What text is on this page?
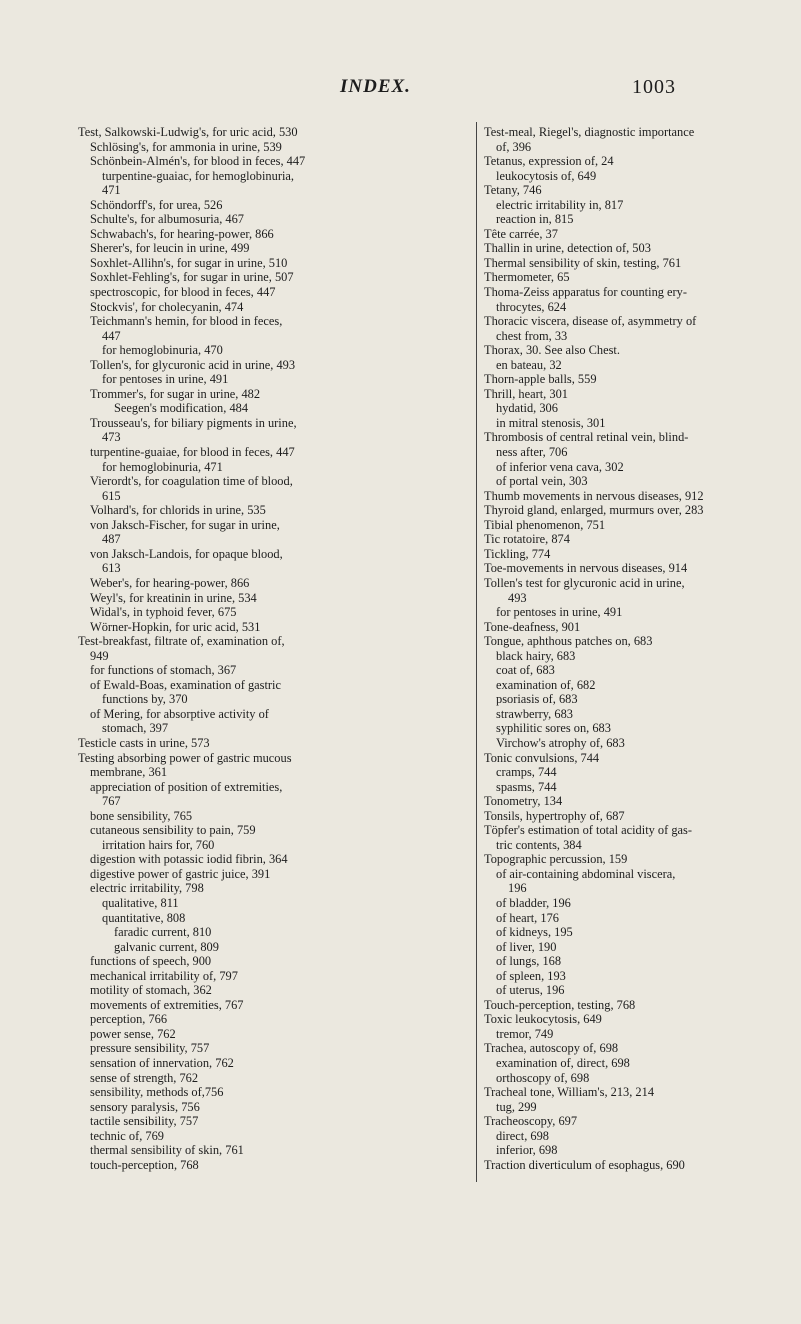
INDEX.	1003
Test, Salkowski-Ludwig's, for uric acid, 530
Schlösing's, for ammonia in urine, 539
Schönbein-Almén's, for blood in feces, 447
turpentine-guaiac, for hemoglobinuria,
471
Schöndorff's, for urea, 526
Schulte's, for albumosuria, 467
Schwabach's, for hearing-power, 866
Sherer's, for leucin in urine, 499
Soxhlet-Allihn's, for sugar in urine, 510
Soxhlet-Fehling's, for sugar in urine, 507
spectroscopic, for blood in feces, 447
Stockvis', for cholecyanin, 474
Teichmann's hemin, for blood in feces,
447
for hemoglobinuria, 470
Tollen's, for glycuronic acid in urine, 493
for pentoses in urine, 491
Trommer's, for sugar in urine, 482
Seegen's modification, 484
Trousseau's, for biliary pigments in urine,
473
turpentine-guaiae, for blood in feces, 447
for hemoglobinuria, 471
Vierordt's, for coagulation time of blood,
615
Volhard's, for chlorids in urine, 535
von Jaksch-Fischer, for sugar in urine,
487
von Jaksch-Landois, for opaque blood,
613
Weber's, for hearing-power, 866
Weyl's, for kreatinin in urine, 534
Widal's, in typhoid fever, 675
Wörner-Hopkin, for uric acid, 531
Test-breakfast, filtrate of, examination of,
949
for functions of stomach, 367
of Ewald-Boas, examination of gastric
functions by, 370
of Mering, for absorptive activity of
stomach, 397
Testicle casts in urine, 573
Testing absorbing power of gastric mucous
membrane, 361
appreciation of position of extremities,
767
bone sensibility, 765
cutaneous sensibility to pain, 759
irritation hairs for, 760
digestion with potassic iodid fibrin, 364
digestive power of gastric juice, 391
electric irritability, 798
qualitative, 811
quantitative, 808
faradic current, 810
galvanic current, 809
functions of speech, 900
mechanical irritability of, 797
motility of stomach, 362
movements of extremities, 767
perception, 766
power sense, 762
pressure sensibility, 757
sensation of innervation, 762
sense of strength, 762
sensibility, methods of,756
sensory paralysis, 756
tactile sensibility, 757
technic of, 769
thermal sensibility of skin, 761
touch-perception, 768
Test-meal, Riegel's, diagnostic importance
of, 396
Tetanus, expression of, 24
leukocytosis of, 649
Tetany, 746
electric irritability in, 817
reaction in, 815
Tête carrée, 37
Thallin in urine, detection of, 503
Thermal sensibility of skin, testing, 761
Thermometer, 65
Thoma-Zeiss apparatus for counting ery-
throcytes, 624
Thoracic viscera, disease of, asymmetry of
chest from, 33
Thorax, 30. See also Chest.
en bateau, 32
Thorn-apple balls, 559
Thrill, heart, 301
hydatid, 306
in mitral stenosis, 301
Thrombosis of central retinal vein, blind-
ness after, 706
of inferior vena cava, 302
of portal vein, 303
Thumb movements in nervous diseases, 912
Thyroid gland, enlarged, murmurs over, 283
Tibial phenomenon, 751
Tic rotatoire, 874
Tickling, 774
Toe-movements in nervous diseases, 914
Tollen's test for glycuronic acid in urine,
493
for pentoses in urine, 491
Tone-deafness, 901
Tongue, aphthous patches on, 683
black hairy, 683
coat of, 683
examination of, 682
psoriasis of, 683
strawberry, 683
syphilitic sores on, 683
Virchow's atrophy of, 683
Tonic convulsions, 744
cramps, 744
spasms, 744
Tonometry, 134
Tonsils, hypertrophy of, 687
Töpfer's estimation of total acidity of gas-
tric contents, 384
Topographic percussion, 159
of air-containing abdominal viscera,
196
of bladder, 196
of heart, 176
of kidneys, 195
of liver, 190
of lungs, 168
of spleen, 193
of uterus, 196
Touch-perception, testing, 768
Toxic leukocytosis, 649
tremor, 749
Trachea, autoscopy of, 698
examination of, direct, 698
orthoscopy of, 698
Tracheal tone, William's, 213, 214
tug, 299
Tracheoscopy, 697
direct, 698
inferior, 698
Traction diverticulum of esophagus, 690
